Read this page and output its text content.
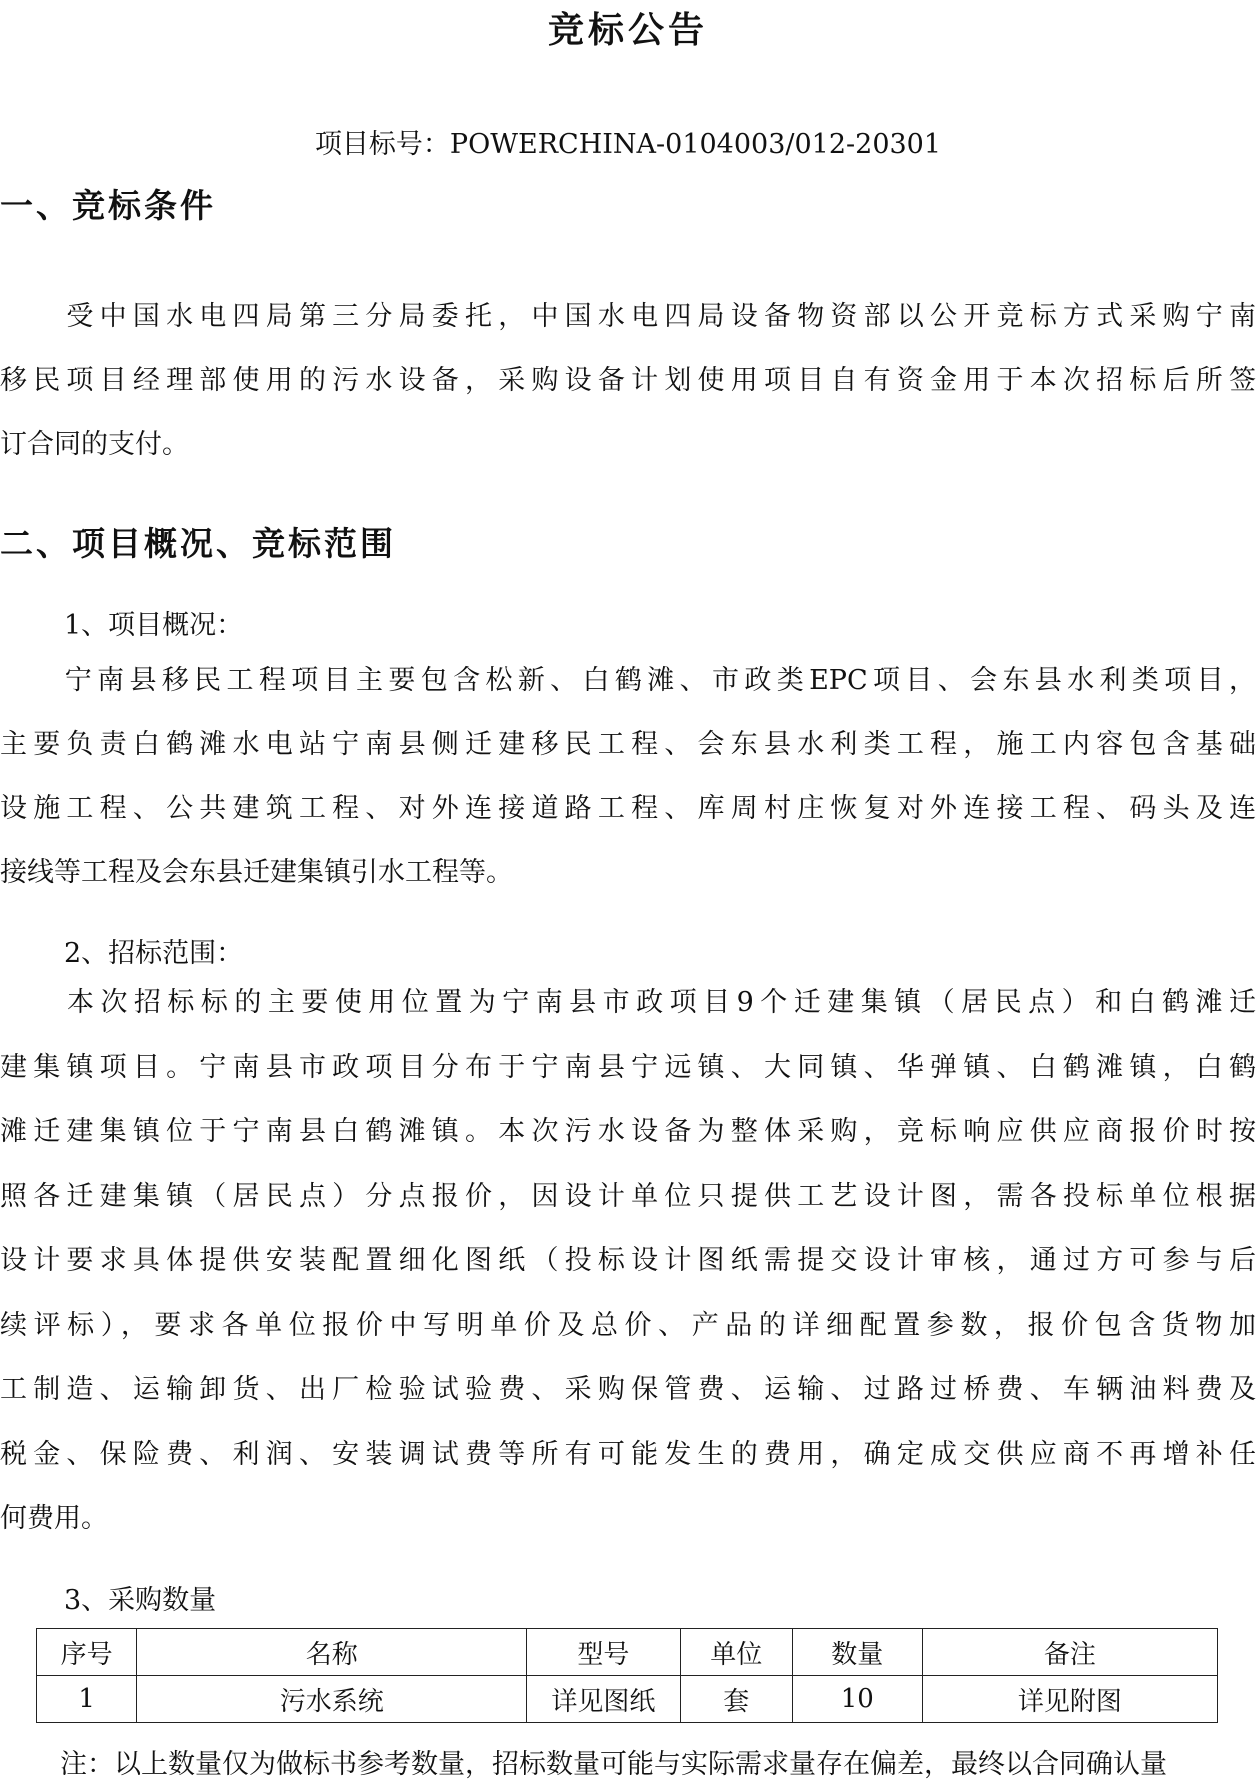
竞标公告
项目标号：POWERCHINA-0104003/012-20301
一、竞标条件
　　受中国水电四局第三分局委托，中国水电四局设备物资部以公开竞标方式采购宁南
移民项目经理部使用的污水设备，采购设备计划使用项目自有资金用于本次招标后所签
订合同的支付。
二、项目概况、竞标范围
1、项目概况：
　　宁南县移民工程项目主要包含松新、白鹤滩、市政类EPC项目、会东县水利类项目，
主要负责白鹤滩水电站宁南县侧迁建移民工程、会东县水利类工程，施工内容包含基础
设施工程、公共建筑工程、对外连接道路工程、库周村庄恢复对外连接工程、码头及连
接线等工程及会东县迁建集镇引水工程等。
2、招标范围：
　　本次招标标的主要使用位置为宁南县市政项目9个迁建集镇（居民点）和白鹤滩迁
建集镇项目。宁南县市政项目分布于宁南县宁远镇、大同镇、华弹镇、白鹤滩镇，白鹤
滩迁建集镇位于宁南县白鹤滩镇。本次污水设备为整体采购，竞标响应供应商报价时按
照各迁建集镇（居民点）分点报价，因设计单位只提供工艺设计图，需各投标单位根据
设计要求具体提供安装配置细化图纸（投标设计图纸需提交设计审核，通过方可参与后
续评标），要求各单位报价中写明单价及总价、产品的详细配置参数，报价包含货物加
工制造、运输卸货、出厂检验试验费、采购保管费、运输、过路过桥费、车辆油料费及
税金、保险费、利润、安装调试费等所有可能发生的费用，确定成交供应商不再增补任
何费用。
3、采购数量
序号	名称	型号	单位	数量	备注
1	污水系统	详见图纸	套	10	详见附图
注：以上数量仅为做标书参考数量，招标数量可能与实际需求量存在偏差，最终以合同确认量
